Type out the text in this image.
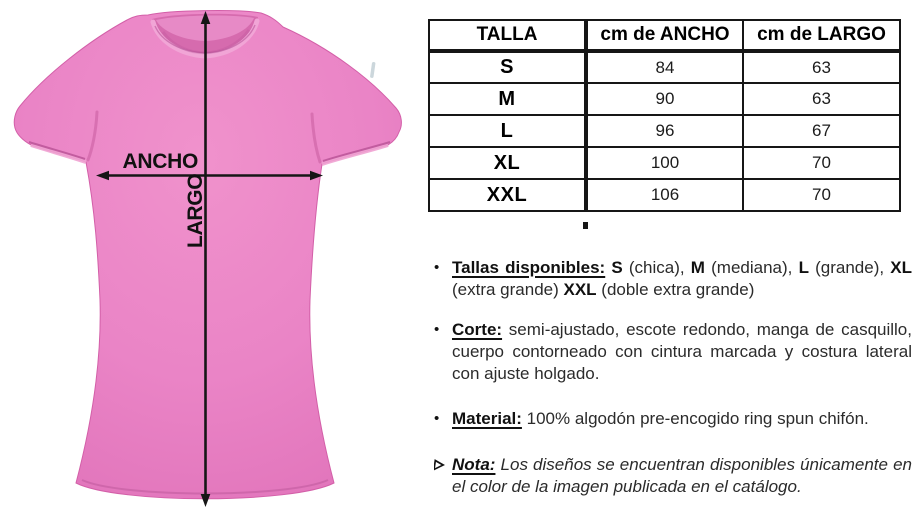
ANCHO
LARGO
TALLA	cm de ANCHO	cm de LARGO
S	84	63
M	90	63
L	96	67
XL	100	70
XXL	106	70
• Tallas disponibles: S (chica), M (mediana), L (grande), XL (extra grande) XXL (doble extra grande)
• Corte: semi-ajustado, escote redondo, manga de casquillo, cuerpo contorneado con cintura marcada y costura lateral con ajuste holgado.
• Material: 100% algodón pre-encogido ring spun chifón.
Nota: Los diseños se encuentran disponibles únicamente en el color de la imagen publicada en el catálogo.
